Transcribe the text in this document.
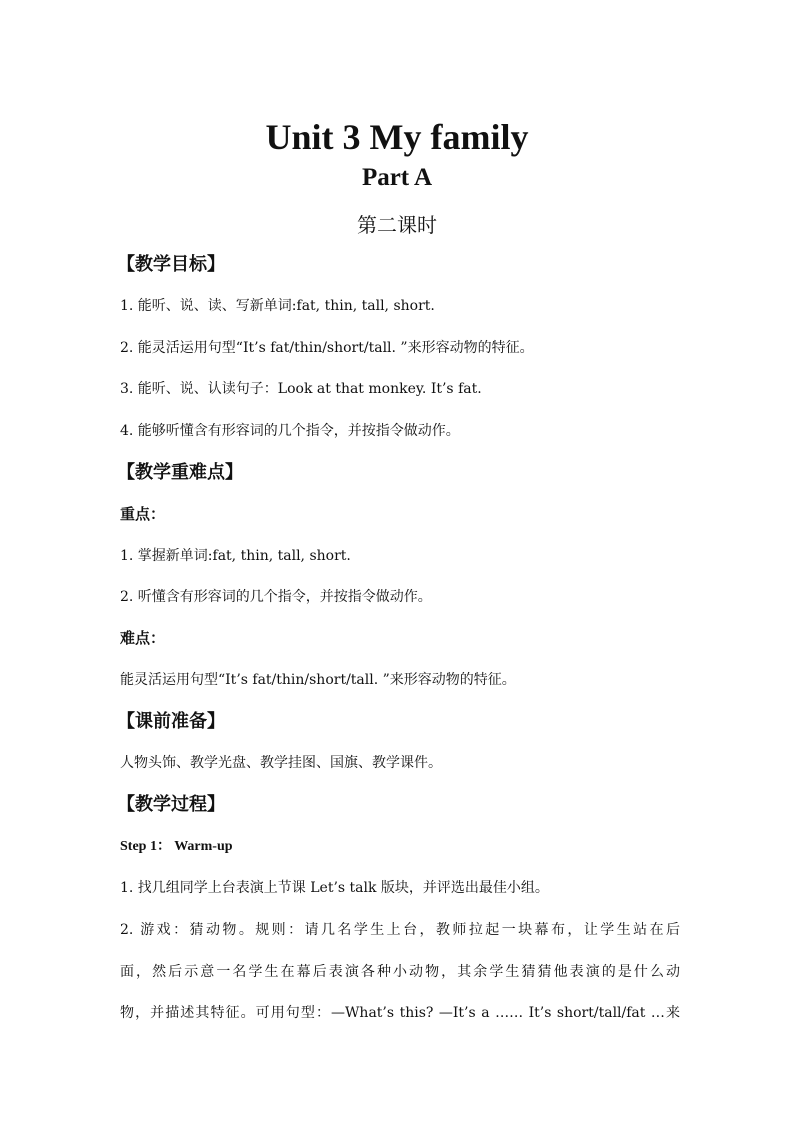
Unit 3 My family
Part A
第二课时
【教学目标】
1. 能听、说、读、写新单词:fat, thin, tall, short.
2. 能灵活运用句型“It’s fat/thin/short/tall. ”来形容动物的特征。
3. 能听、说、认读句子：Look at that monkey. It’s fat.
4. 能够听懂含有形容词的几个指令，并按指令做动作。
【教学重难点】
重点：
1. 掌握新单词:fat, thin, tall, short.
2. 听懂含有形容词的几个指令，并按指令做动作。
难点：
能灵活运用句型“It’s fat/thin/short/tall. ”来形容动物的特征。
【课前准备】
人物头饰、教学光盘、教学挂图、国旗、教学课件。
【教学过程】
Step 1： Warm-up
1. 找几组同学上台表演上节课 Let’s talk 版块，并评选出最佳小组。
2. 游戏：猜动物。规则：请几名学生上台，教师拉起一块幕布，让学生站在后
面，然后示意一名学生在幕后表演各种小动物，其余学生猜猜他表演的是什么动
物，并描述其特征。可用句型：—What’s this? —It’s a …… It’s short/tall/fat …来
